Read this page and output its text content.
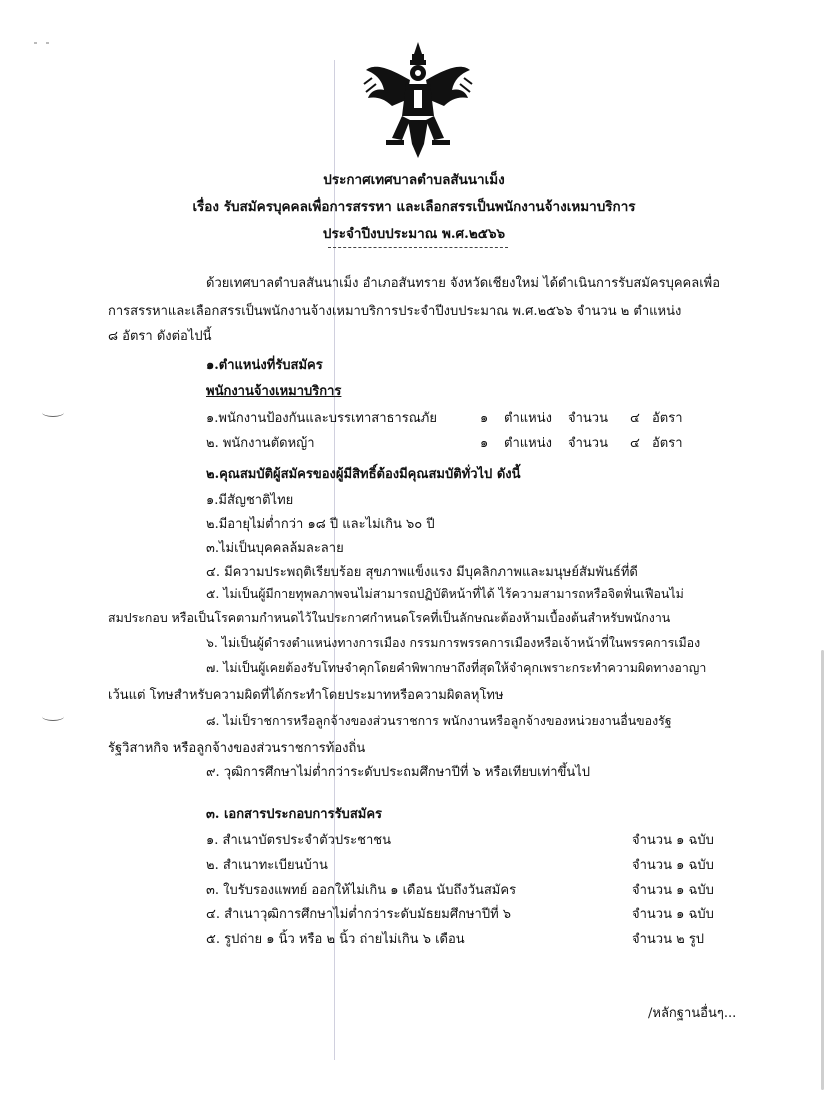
ประกาศเทศบาลตำบลสันนาเม็ง
เรื่อง รับสมัครบุคคลเพื่อการสรรหา และเลือกสรรเป็นพนักงานจ้างเหมาบริการ
ประจำปีงบประมาณ พ.ศ.๒๕๖๖
ด้วยเทศบาลตำบลสันนาเม็ง อำเภอสันทราย จังหวัดเชียงใหม่ ได้ดำเนินการรับสมัครบุคคลเพื่อ
การสรรหาและเลือกสรรเป็นพนักงานจ้างเหมาบริการประจำปีงบประมาณ พ.ศ.๒๕๖๖ จำนวน ๒ ตำแหน่ง
๘ อัตรา ดังต่อไปนี้
๑.ตำแหน่งที่รับสมัคร
พนักงานจ้างเหมาบริการ
๑.พนักงานป้องกันและบรรเทาสาธารณภัย	๑ ตำแหน่ง จำนวน ๔ อัตรา
๒. พนักงานตัดหญ้า	๑ ตำแหน่ง จำนวน ๔ อัตรา
๒.คุณสมบัติผู้สมัครของผู้มีสิทธิ์ต้องมีคุณสมบัติทั่วไป ดังนี้
๑.มีสัญชาติไทย
๒.มีอายุไม่ต่ำกว่า ๑๘ ปี และไม่เกิน ๖๐ ปี
๓.ไม่เป็นบุคคลล้มละลาย
๔. มีความประพฤติเรียบร้อย สุขภาพแข็งแรง มีบุคลิกภาพและมนุษย์สัมพันธ์ที่ดี
๕. ไม่เป็นผู้มีกายทุพลภาพจนไม่สามารถปฏิบัติหน้าที่ได้ ไร้ความสามารถหรือจิตฟั่นเฟือนไม่
สมประกอบ หรือเป็นโรคตามกำหนดไว้ในประกาศกำหนดโรคที่เป็นลักษณะต้องห้ามเบื้องต้นสำหรับพนักงาน
๖. ไม่เป็นผู้ดำรงตำแหน่งทางการเมือง กรรมการพรรคการเมืองหรือเจ้าหน้าที่ในพรรคการเมือง
๗. ไม่เป็นผู้เคยต้องรับโทษจำคุกโดยคำพิพากษาถึงที่สุดให้จำคุกเพราะกระทำความผิดทางอาญา
เว้นแต่ โทษสำหรับความผิดที่ได้กระทำโดยประมาทหรือความผิดลหุโทษ
๘. ไม่เป็ราชการหรือลูกจ้างของส่วนราชการ พนักงานหรือลูกจ้างของหน่วยงานอื่นของรัฐ
รัฐวิสาหกิจ หรือลูกจ้างของส่วนราชการท้องถิ่น
๙. วุฒิการศึกษาไม่ต่ำกว่าระดับประถมศึกษาปีที่ ๖ หรือเทียบเท่าขึ้นไป
๓. เอกสารประกอบการรับสมัคร
๑. สำเนาบัตรประจำตัวประชาชน	จำนวน ๑ ฉบับ
๒. สำเนาทะเบียนบ้าน	จำนวน ๑ ฉบับ
๓. ใบรับรองแพทย์ ออกให้ไม่เกิน ๑ เดือน นับถึงวันสมัคร	จำนวน ๑ ฉบับ
๔. สำเนาวุฒิการศึกษาไม่ต่ำกว่าระดับมัธยมศึกษาปีที่ ๖	จำนวน ๑ ฉบับ
๕. รูปถ่าย ๑ นิ้ว หรือ ๒ นิ้ว ถ่ายไม่เกิน ๖ เดือน	จำนวน ๒ รูป
/หลักฐานอื่นๆ...
